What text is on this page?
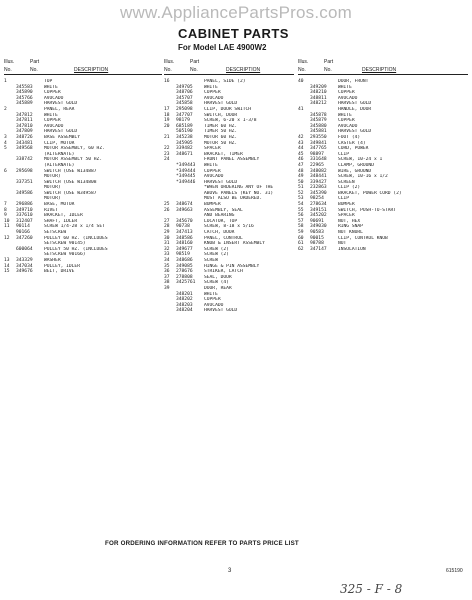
www.AppliancePartsPros.com
CABINET PARTS
For Model LAE 4900W2
Illus.
No.
Part
No.	DESCRIPTION
1	TOP
345583	WHITE
345890	COPPER
345766	AVOCADO
345889	HARVEST GOLD
2	PANEL, REAR
347812	WHITE
347811	COPPER
347810	AVOCADO
347809	HARVEST GOLD
3	348726	BASE ASSEMBLY
4	343481	CLIP, MOTOR
5	349568	MOTOR ASSEMBLY, 60 HZ.
(ALTERNATE)
338742	MOTOR ASSEMBLY 50 HZ.
(ALTERNATE)
6	295698	SWITCH (USE W134887
MOTOR)
337351	SWITCH (USE W134808
MOTOR)
349586	SWITCH (USE W349587
MOTOR)
7	296886	BASE, MOTOR
8	349710	RIVET
9	337610	BRACKET, IDLER
10	312407	SHAFT, IDLER
11	90114	SCREW 1/4-28 x 1/4 SET
90166	SETSCREW
12	347260	PULLEY 60 HZ. (INCLUDES
SETSCREW 90145)
600064	PULLEY 50 HZ. (INCLUDES
SETSCREW 90166)
13	343329	WASHER
14	347034	PULLEY, IDLER
15	349676	BELT, DRIVE
Illus.
No.
Part
No.	DESCRIPTION
16	PANEL, SIDE (2)
349705	WHITE
348706	COPPER
345707	AVOCADO
345858	HARVEST GOLD
17	295098	CLIP, DOOR SWITCH
18	347707	SWITCH, DOOR
19	98179	SCREW, 6-20 x 1-3/8
20	685189	TIMER 60 HZ.
505190	TIMER 50 HZ.
21	345238	MOTOR 60 HZ.
345905	MOTOR 50 HZ.
22	339482	SPACER
23	348671	BRACKET, TIMER
24	FRONT PANEL ASSEMBLY
*349443	WHITE
*349444	COPPER
*349445	AVOCADO
*349446	HARVEST GOLD
*WHEN ORDERING ANY OF THE
ABOVE PANELS (KEY NO. 31)
MUST ALSO BE ORDERED.
25	348674	BUMPER
26	349663	ASSEMBLY, SEAL
AND BEARING
27	345670	LOCATOR, TOP
28	90738	SCREW, 8-18 x 5/16
29	347413	CATCH, DOOR
30	348586	PANEL, CONTROL
31	348160	KNOB & INSERT ASSEMBLY
32	349677	SCREW (2)
33	98519	SCREW (2)
34	348686	SCREW
35	349085	HINGE & PIN ASSEMBLY
36	278676	STRIKER, LATCH
37	278808	SEAL, DOOR
38	3425761	SCREW (4)
39	DOOR, REAR
348201	WHITE
348202	COPPER
348203	AVOCADO
348204	HARVEST GOLD
Illus.
No.
Part
No.	DESCRIPTION
40	DOOR, FRONT
349209	WHITE
348210	COPPER
348811	AVOCADO
348212	HARVEST GOLD
41	HANDLE, DOOR
345878	WHITE
345879	COPPER
345880	AVOCADO
345881	HARVEST GOLD
42	293550	FOOT (4)
43	349841	CASTER (4)
44	347765	CORD, POWER
45	98897	CLIP
46	331648	SCREW, 10-24 x 1
47	22965	CLAMP, GROUND
48	348082	WIRE, GROUND
49	348441	SCREW, 10-16 x 1/2
50	339427	SCREEN
51	232863	CLIP (2)
52	345390	BRACKET, POWER CORD (2)
53	98254	CLIP
54	278634	BUMPER
55	349151	SWITCH, PUSH-TO-START
56	345202	SPACER
57	90691	NUT, HEX
58	349030	RING SNAP
59	90583	NUT KNURL
60	90015	CLIP, CONTROL KNOB
61	98788	NUT
62	347147	INSULATION
FOR ORDERING INFORMATION REFER TO PARTS PRICE LIST
3	615190
325 - F - 8
